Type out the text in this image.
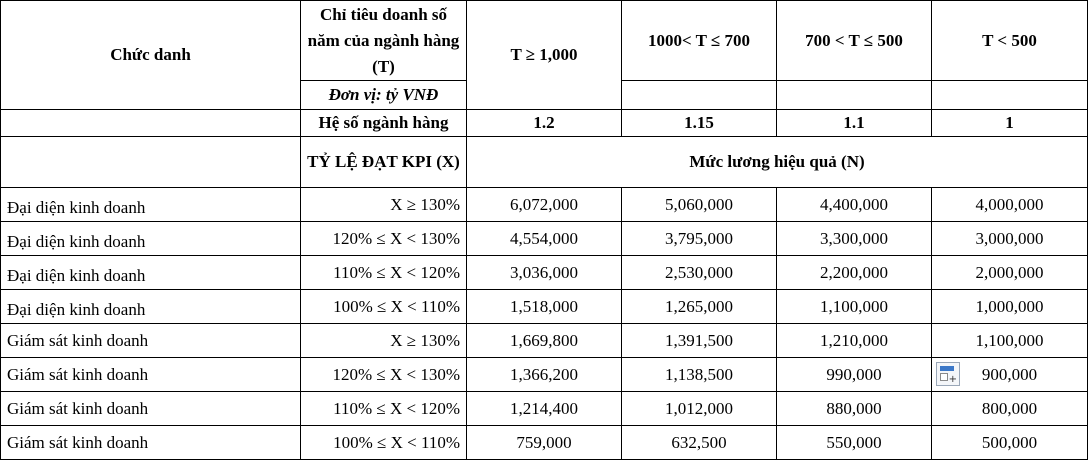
Chức danh	Chỉ tiêu doanh số năm của ngành hàng (T)	T ≥ 1,000	1000< T ≤ 700	700 < T ≤ 500	T < 500
	Đơn vị: tỷ VNĐ				
	Hệ số ngành hàng	1.2	1.15	1.1	1
	TỶ LỆ ĐẠT KPI (X)	Mức lương hiệu quả (N)			
Đại diện kinh doanh	X ≥ 130%	6,072,000	5,060,000	4,400,000	4,000,000
Đại diện kinh doanh	120% ≤ X < 130%	4,554,000	3,795,000	3,300,000	3,000,000
Đại diện kinh doanh	110% ≤ X < 120%	3,036,000	2,530,000	2,200,000	2,000,000
Đại diện kinh doanh	100% ≤ X < 110%	1,518,000	1,265,000	1,100,000	1,000,000
Giám sát kinh doanh	X ≥ 130%	1,669,800	1,391,500	1,210,000	1,100,000
Giám sát kinh doanh	120% ≤ X < 130%	1,366,200	1,138,500	990,000	+ 900,000
Giám sát kinh doanh	110% ≤ X < 120%	1,214,400	1,012,000	880,000	800,000
Giám sát kinh doanh	100% ≤ X < 110%	759,000	632,500	550,000	500,000
